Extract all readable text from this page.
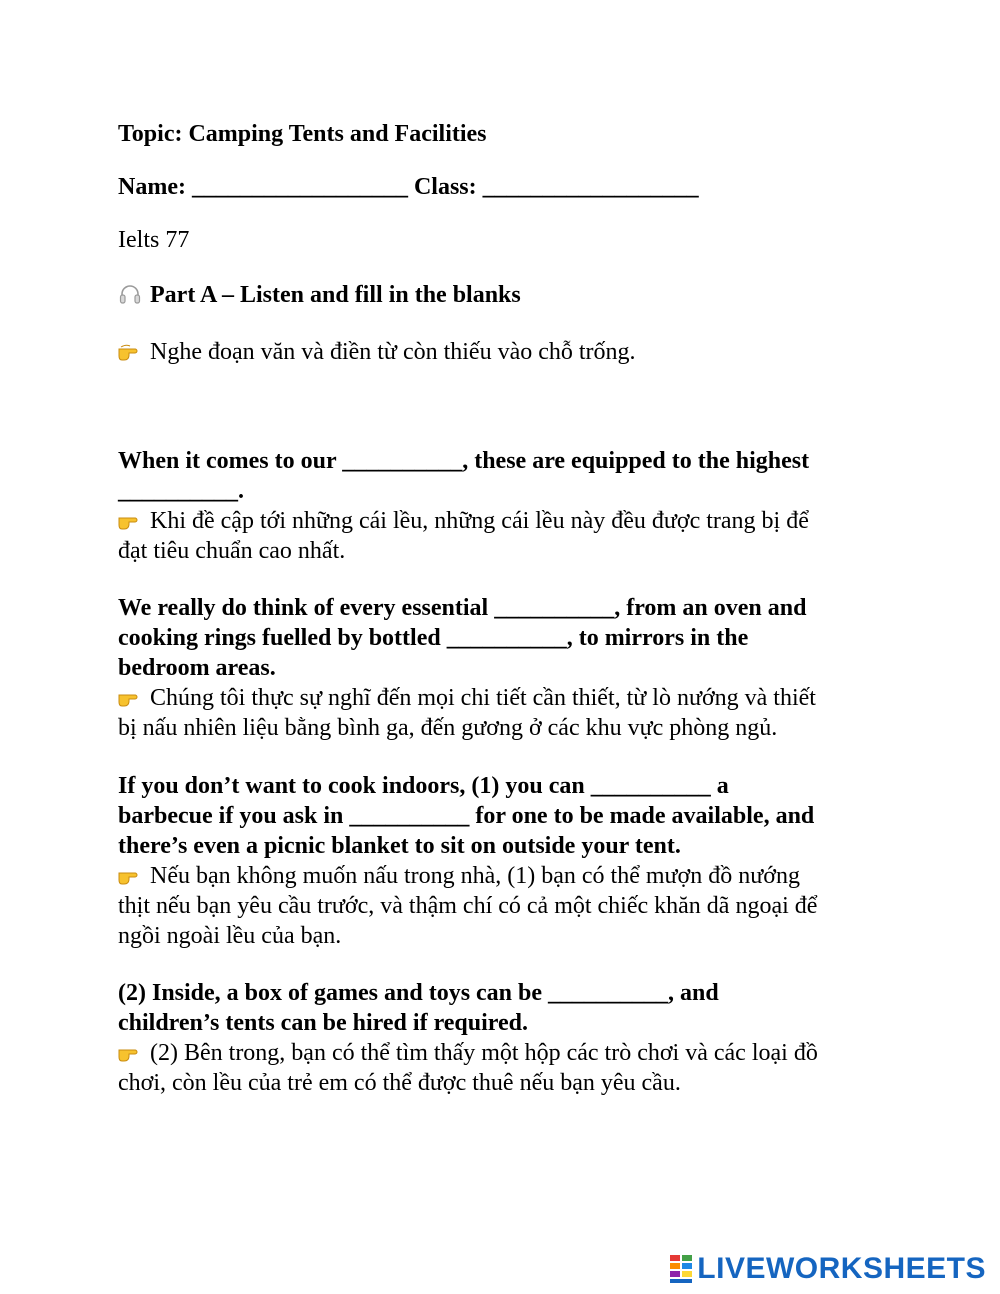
Topic: Camping Tents and Facilities
Name: __________________ Class: __________________
Ielts 77
Part A – Listen and fill in the blanks
Nghe đoạn văn và điền từ còn thiếu vào chỗ trống.
When it comes to our __________, these are equipped to the highest
__________.
Khi đề cập tới những cái lều, những cái lều này đều được trang bị để
đạt tiêu chuẩn cao nhất.
We really do think of every essential __________, from an oven and
cooking rings fuelled by bottled __________, to mirrors in the
bedroom areas.
Chúng tôi thực sự nghĩ đến mọi chi tiết cần thiết, từ lò nướng và thiết
bị nấu nhiên liệu bằng bình ga, đến gương ở các khu vực phòng ngủ.
If you don’t want to cook indoors, (1) you can __________ a
barbecue if you ask in __________ for one to be made available, and
there’s even a picnic blanket to sit on outside your tent.
Nếu bạn không muốn nấu trong nhà, (1) bạn có thể mượn đồ nướng
thịt nếu bạn yêu cầu trước, và thậm chí có cả một chiếc khăn dã ngoại để
ngồi ngoài lều của bạn.
(2) Inside, a box of games and toys can be __________, and
children’s tents can be hired if required.
(2) Bên trong, bạn có thể tìm thấy một hộp các trò chơi và các loại đồ
chơi, còn lều của trẻ em có thể được thuê nếu bạn yêu cầu.
LIVEWORKSHEETS
